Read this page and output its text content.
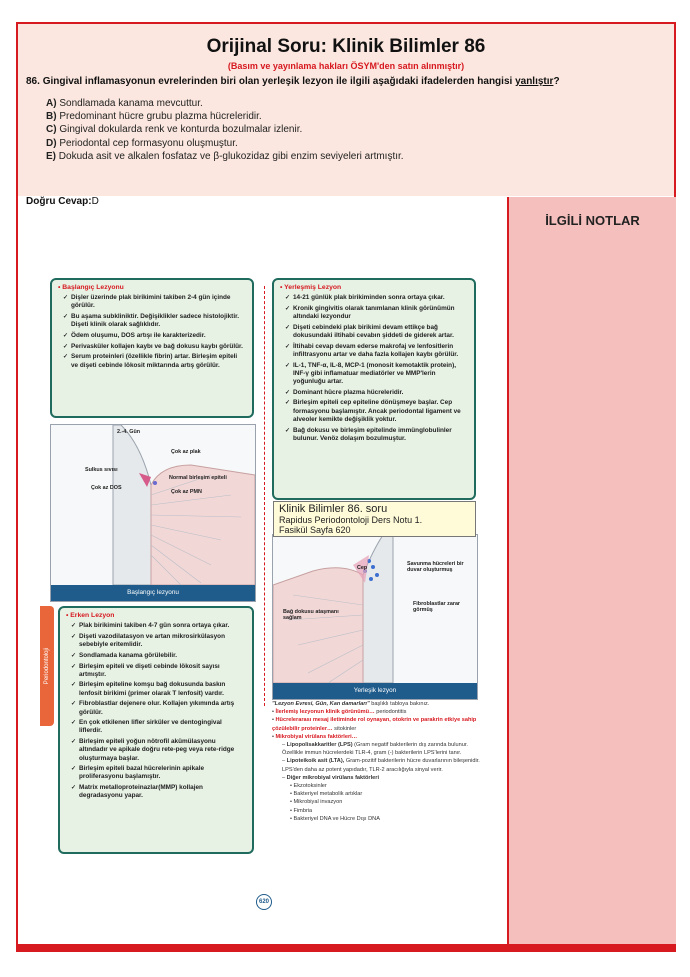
Orijinal Soru: Klinik Bilimler 86
(Basım ve yayınlama hakları ÖSYM'den satın alınmıştır)
86. Gingival inflamasyonun evrelerinden biri olan yerleşik lezyon ile ilgili aşağıdaki ifadelerden hangisi yanlıştır?
A) Sondlamada kanama mevcuttur.
B) Predominant hücre grubu plazma hücreleridir.
C) Gingival dokularda renk ve konturda bozulmalar izlenir.
D) Periodontal cep formasyonu oluşmuştur.
E) Dokuda asit ve alkalen fosfataz ve β-glukozidaz gibi enzim seviyeleri artmıştır.
Doğru Cevap:D
İLGİLİ NOTLAR
• Başlangıç Lezyonu
✓ Dişler üzerinde plak birikimini takiben 2-4 gün içinde görülür.
✓ Bu aşama subkliniktir. Değişiklikler sadece histolojiktir. Dişeti klinik olarak sağlıklıdır.
✓ Ödem oluşumu, DOS artışı ile karakterizedir.
✓ Perivasküler kollajen kaybı ve bağ dokusu kaybı görülür.
✓ Serum proteinleri (özellikle fibrin) artar. Birleşim epiteli ve dişeti cebinde lökosit miktarında artış görülür.
2.-4. Gün
Çok az plak
Sulkus sıvısı
Normal birleşim epiteli
Çok az DOS
Çok az PMN
Başlangıç lezyonu
Periodontoloji
• Erken Lezyon
✓ Plak birikimini takiben 4-7 gün sonra ortaya çıkar.
✓ Dişeti vazodilatasyon ve artan mikrosirkülasyon sebebiyle eritemlidir.
✓ Sondlamada kanama görülebilir.
✓ Birleşim epiteli ve dişeti cebinde lökosit sayısı artmıştır.
✓ Birleşim epiteline komşu bağ dokusunda baskın lenfosit birikimi (primer olarak T lenfosit) vardır.
✓ Fibroblastlar dejenere olur. Kollajen yıkımında artış görülür.
✓ En çok etkilenen lifler sirküler ve dentogingival liflerdir.
✓ Birleşim epiteli yoğun nötrofil akümülasyonu altındadır ve apikale doğru rete-peg veya rete-ridge oluşturmaya başlar.
✓ Birleşim epiteli bazal hücrelerinin apikale proliferasyonu başlamıştır.
✓ Matrix metalloproteinazlar(MMP) kollajen degradasyonu yapar.
• Yerleşmiş Lezyon
✓ 14-21 günlük plak birikiminden sonra ortaya çıkar.
✓ Kronik gingivitis olarak tanımlanan klinik görünümün altındaki lezyondur
✓ Dişeti cebindeki plak birikimi devam ettikçe bağ dokusundaki iltihabi cevabın şiddeti de giderek artar.
✓ İltihabi cevap devam ederse makrofaj ve lenfositlerin infiltrasyonu artar ve daha fazla kollajen kaybı görülür.
✓ IL-1, TNF-α, IL-8, MCP-1 (monosit kemotaktik protein), INF-γ gibi inflamatuar mediatörler ve MMP'lerin yoğunluğu artar.
✓ Dominant hücre plazma hücreleridir.
✓ Birleşim epiteli cep epiteline dönüşmeye başlar. Cep formasyonu başlamıştır. Ancak periodontal ligament ve alveoler kemikte değişiklik yoktur.
✓ Bağ dokusu ve birleşim epitelinde immünglobulinler bulunur. Venöz dolaşım bozulmuştur.
Cep
Savunma hücreleri bir duvar oluşturmuş
Bağ dokusu ataşmanı sağlam
Fibroblastlar zarar görmüş
Yerleşik lezyon
"Lezyon Evresi, Gün, Kan damarları" başlıklı tabloya bakınız.
• İlerlemiş lezyonun klinik görünümü… periodontitis
• Hücrelerarası mesaj iletiminde rol oynayan, otokrin ve parakrin etkiye sahip çözülebilir proteinler… sitokinler
• Mikrobiyal virülans faktörleri…
– Lipopolisakkaritler (LPS) (Gram negatif bakterilerin dış zarında bulunur. Özellikle immun hücrelerdeki TLR-4, gram (-) bakterilerin LPS'lerini tanır.
– Lipoteikoik asit (LTA), Gram-pozitif bakterilerin hücre duvarlarının bileşenidir. LPS'den daha az potent yapıdadır, TLR-2 aracılığıyla sinyal verir.
– Diğer mikrobiyal virülans faktörleri
• Ekzotoksinler
• Bakteriyel metabolik artıklar
• Mikrobiyal invazyon
• Fimbria
• Bakteriyel DNA ve Hücre Dışı DNA
620
Klinik Bilimler 86. soru
Rapidus Periodontoloji Ders Notu 1.
Fasikül Sayfa 620
